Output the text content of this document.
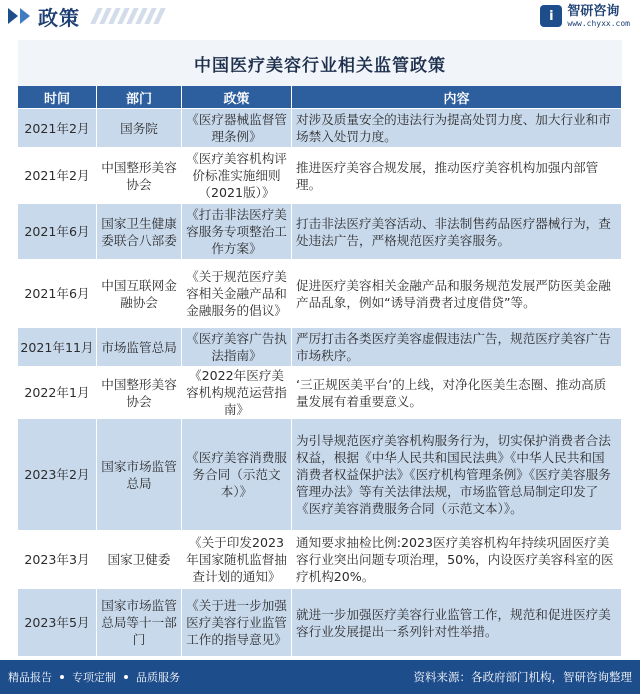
政策	i	智研咨询
www.chyxx.com
中国医疗美容行业相关监管政策
时间	部门	政策	内容
2021年2月	国务院	《医疗器械监督管理条例》	对涉及质量安全的违法行为提高处罚力度、加大行业和市场禁入处罚力度。
2021年2月	中国整形美容协会	《医疗美容机构评价标准实施细则（2021版）》	推进医疗美容合规发展，推动医疗美容机构加强内部管理。
2021年6月	国家卫生健康委联合八部委	《打击非法医疗美容服务专项整治工作方案》	打击非法医疗美容活动、非法制售药品医疗器械行为，查处违法广告，严格规范医疗美容服务。
2021年6月	中国互联网金融协会	《关于规范医疗美容相关金融产品和金融服务的倡议》	促进医疗美容相关金融产品和服务规范发展严防医美金融产品乱象，例如“诱导消费者过度借贷”等。
2021年11月	市场监管总局	《医疗美容广告执法指南》	严厉打击各类医疗美容虚假违法广告，规范医疗美容广告市场秩序。
2022年1月	中国整形美容协会	《2022年医疗美容机构规范运营指南》	‘三正规医美平台’的上线，对净化医美生态圈、推动高质量发展有着重要意义。
2023年2月	国家市场监管总局	《医疗美容消费服务合同（示范文本）》	为引导规范医疗美容机构服务行为，切实保护消费者合法权益，根据《中华人民共和国民法典》《中华人民共和国消费者权益保护法》《医疗机构管理条例》《医疗美容服务管理办法》等有关法律法规，市场监管总局制定印发了《医疗美容消费服务合同（示范文本）》。
2023年3月	国家卫健委	《关于印发2023年国家随机监督抽查计划的通知》	通知要求抽检比例:2023医疗美容机构年持续巩固医疗美容行业突出问题专项治理，50%，内设医疗美容科室的医疗机构20%。
2023年5月	国家市场监管总局等十一部门	《关于进一步加强医疗美容行业监管工作的指导意见》	就进一步加强医疗美容行业监管工作，规范和促进医疗美容行业发展提出一系列针对性举措。
精品报告 专项定制 品质服务	资料来源：各政府部门机构，智研咨询整理
